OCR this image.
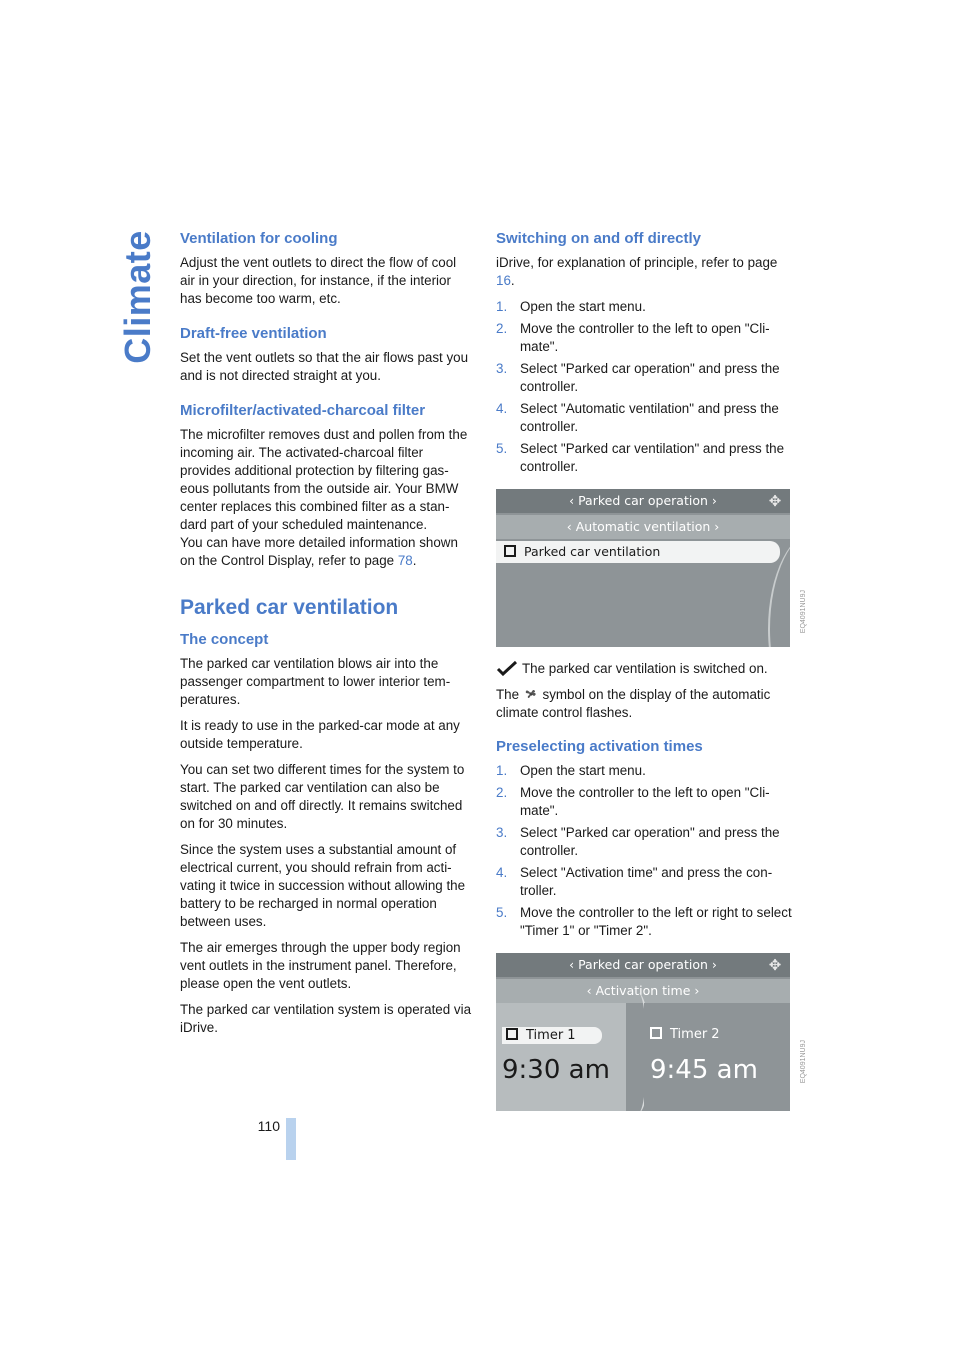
Climate Ventilation for cooling

Adjust the vent outlets to direct the flow of cool air in your direction, for instance, if the interior has become too warm, etc.

Draft-free ventilation

Set the vent outlets so that the air flows past you and is not directed straight at you.

Microfilter/activated-charcoal filter

The microfilter removes dust and pollen from the incoming air. The activated-charcoal filter provides additional protection by filtering gas-eous pollutants from the outside air. Your BMW center replaces this combined filter as a stan-dard part of your scheduled maintenance.

You can have more detailed information shown on the Control Display, refer to page 78.

Parked car ventilation
The concept

The parked car ventilation blows air into the passenger compartment to lower interior tem-peratures.

It is ready to use in the parked-car mode at any outside temperature.

You can set two different times for the system to start. The parked car ventilation can also be switched on and off directly. It remains switched on for 30 minutes.

Since the system uses a substantial amount of electrical current, you should refrain from acti-vating it twice in succession without allowing the battery to be recharged in normal operation between uses.

The air emerges through the upper body region vent outlets in the instrument panel. Therefore, please open the vent outlets.

The parked car ventilation system is operated via iDrive.

Switching on and off directly

iDrive, for explanation of principle, refer to page 16.

1. Open the start menu.
2. Move the controller to the left to open "Cli-mate".
3. Select "Parked car operation" and press the controller.
4. Select "Automatic ventilation" and press the controller.
5. Select "Parked car ventilation" and press the controller.
‹ Parked car operation ›	✥
‹ Automatic ventilation ›
Parked car ventilation
The parked car ventilation is switched on.

The  symbol on the display of the automatic climate control flashes.

Preselecting activation times
1. Open the start menu.
2. Move the controller to the left to open "Cli-mate".
3. Select "Parked car operation" and press the controller.
4. Select "Activation time" and press the con-troller.
5. Move the controller to the left or right to select "Timer 1" or "Timer 2".
‹ Parked car operation ›	✥
‹ Activation time ›
Timer 1
9:30 am
Timer 2
9:45 am
EQ4091NU9J
EQ4091NU9J
110
